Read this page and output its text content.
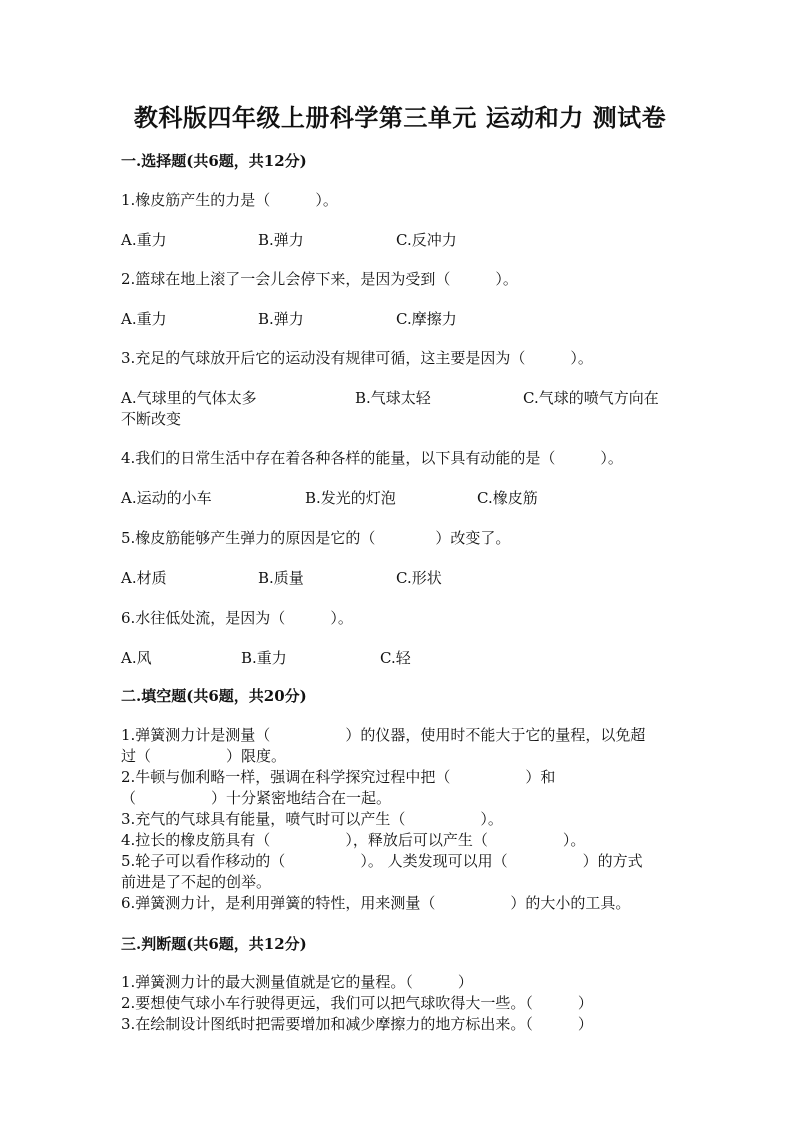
教科版四年级上册科学第三单元 运动和力 测试卷

一.选择题(共6题，共12分)

1.橡皮筋产生的力是（　　　）。

A.重力	B.弹力	C.反冲力

2.篮球在地上滚了一会儿会停下来，是因为受到（　　　）。

A.重力	B.弹力	C.摩擦力

3.充足的气球放开后它的运动没有规律可循，这主要是因为（　　　）。

A.气球里的气体太多	B.气球太轻	C.气球的喷气方向在

不断改变

4.我们的日常生活中存在着各种各样的能量，以下具有动能的是（　　　）。

A.运动的小车	B.发光的灯泡	C.橡皮筋

5.橡皮筋能够产生弹力的原因是它的（　　　　）改变了。

A.材质	B.质量	C.形状

6.水往低处流，是因为（　　　）。

A.风	B.重力	C.轻

二.填空题(共6题，共20分)

1.弹簧测力计是测量（　　　　　）的仪器，使用时不能大于它的量程，以免超
过（　　　　　）限度。
2.牛顿与伽利略一样，强调在科学探究过程中把（　　　　　）和
（　　　　　）十分紧密地结合在一起。
3.充气的气球具有能量，喷气时可以产生（　　　　　）。
4.拉长的橡皮筋具有（　　　　　），释放后可以产生（　　　　　）。
5.轮子可以看作移动的（　　　　　）。 人类发现可以用（　　　　　）的方式
前进是了不起的创举。
6.弹簧测力计，是利用弹簧的特性，用来测量（　　　　　）的大小的工具。

三.判断题(共6题，共12分)

1.弹簧测力计的最大测量值就是它的量程。（　　　）
2.要想使气球小车行驶得更远，我们可以把气球吹得大一些。（　　　）
3.在绘制设计图纸时把需要增加和减少摩擦力的地方标出来。（　　　）
